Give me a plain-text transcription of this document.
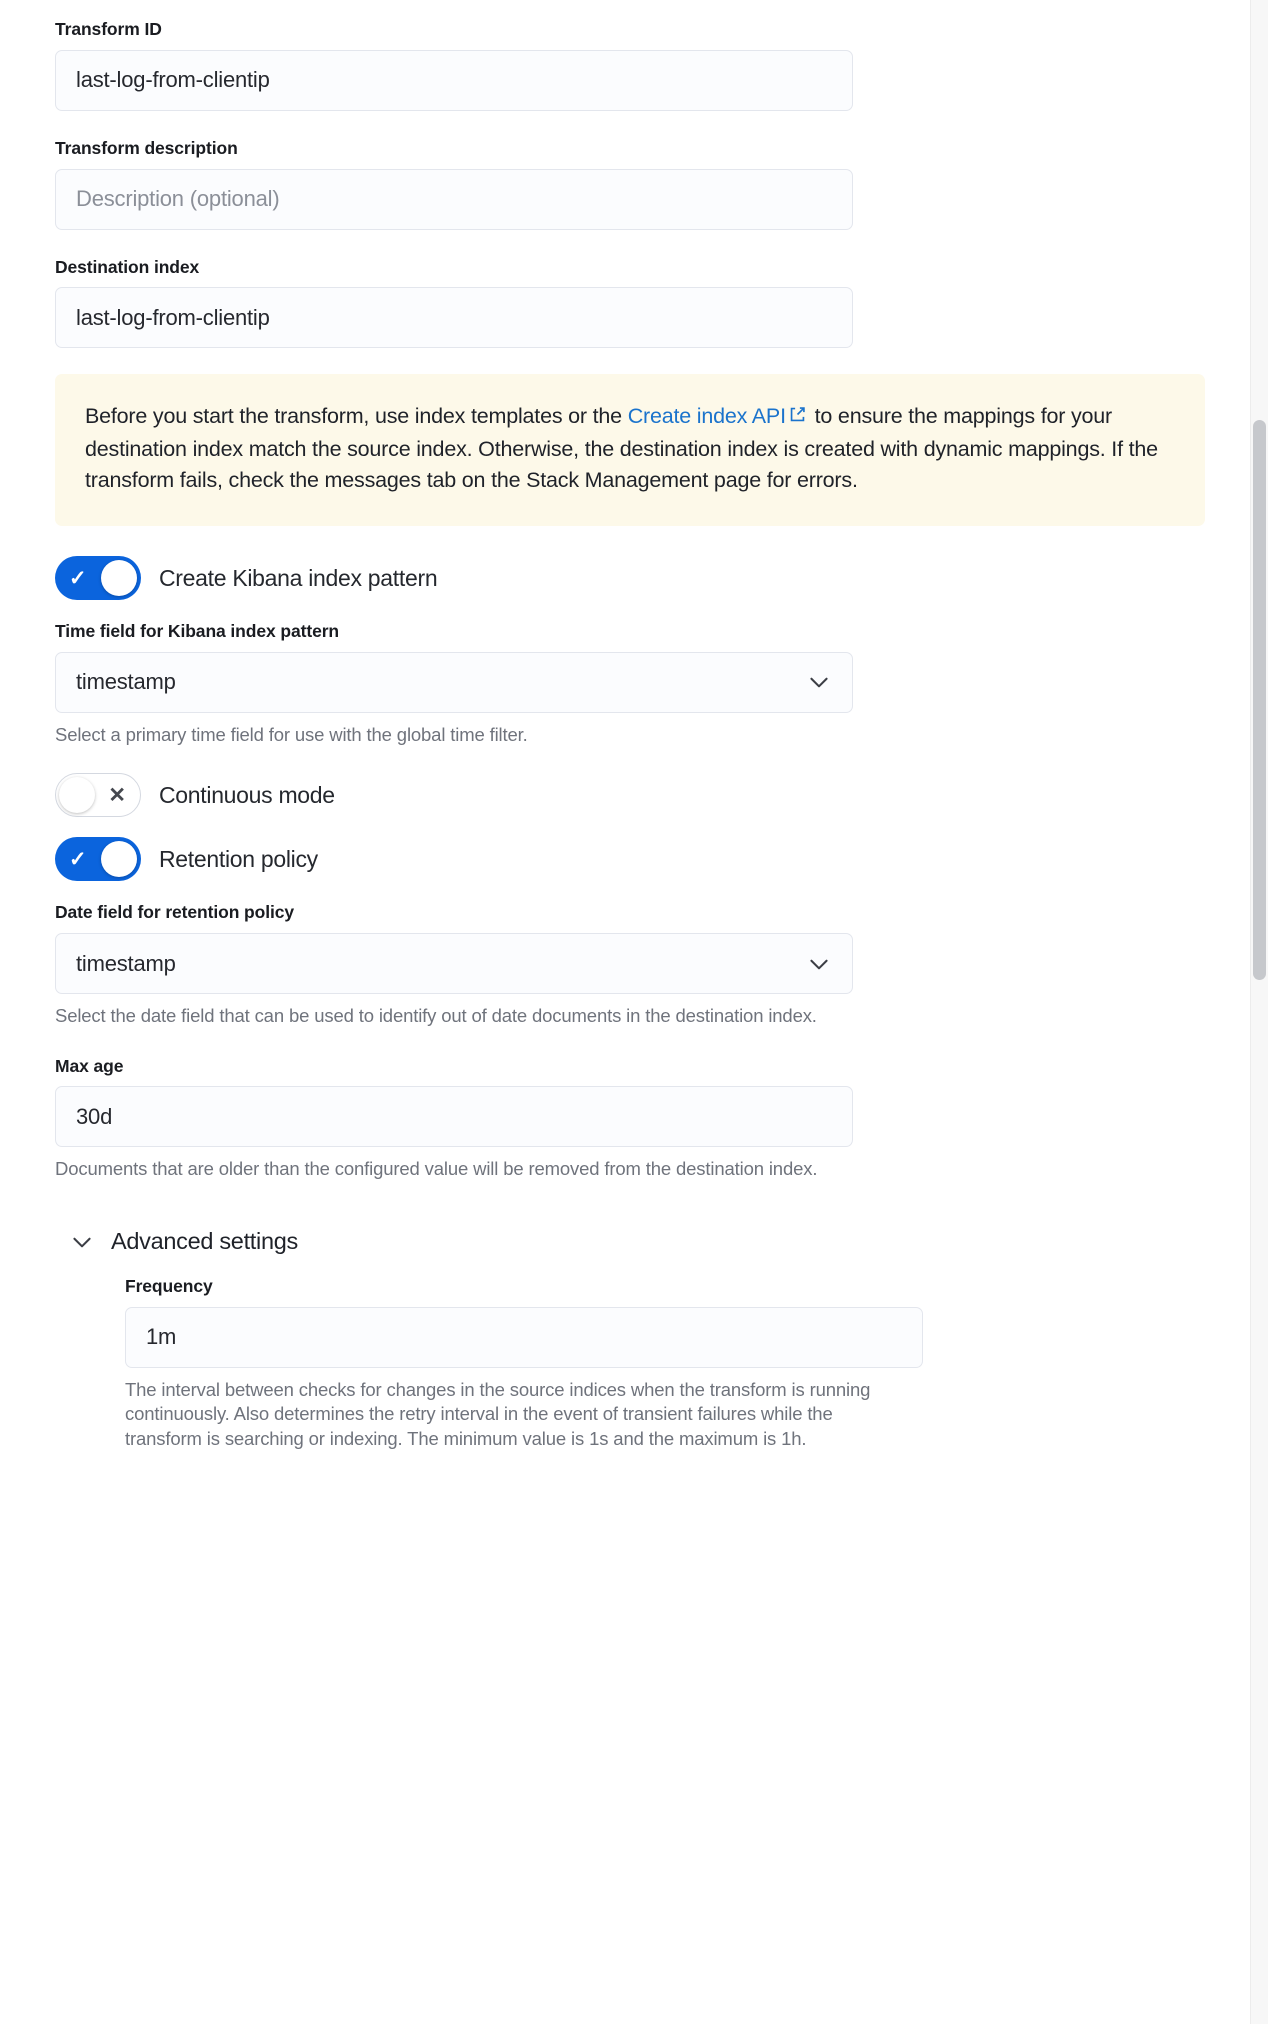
Transform ID
last-log-from-clientip
Transform description
Description (optional)
Destination index
last-log-from-clientip
Before you start the transform, use index templates or the Create index API to ensure the mappings for your destination index match the source index. Otherwise, the destination index is created with dynamic mappings. If the transform fails, check the messages tab on the Stack Management page for errors.
✓	Create Kibana index pattern
Time field for Kibana index pattern
timestamp
Select a primary time field for use with the global time filter.
✕ Continuous mode
✓	Retention policy
Date field for retention policy
timestamp
Select the date field that can be used to identify out of date documents in the destination index.
Max age
30d
Documents that are older than the configured value will be removed from the destination index.
Advanced settings
Frequency
1m
The interval between checks for changes in the source indices when the transform is running continuously. Also determines the retry interval in the event of transient failures while the transform is searching or indexing. The minimum value is 1s and the maximum is 1h.
